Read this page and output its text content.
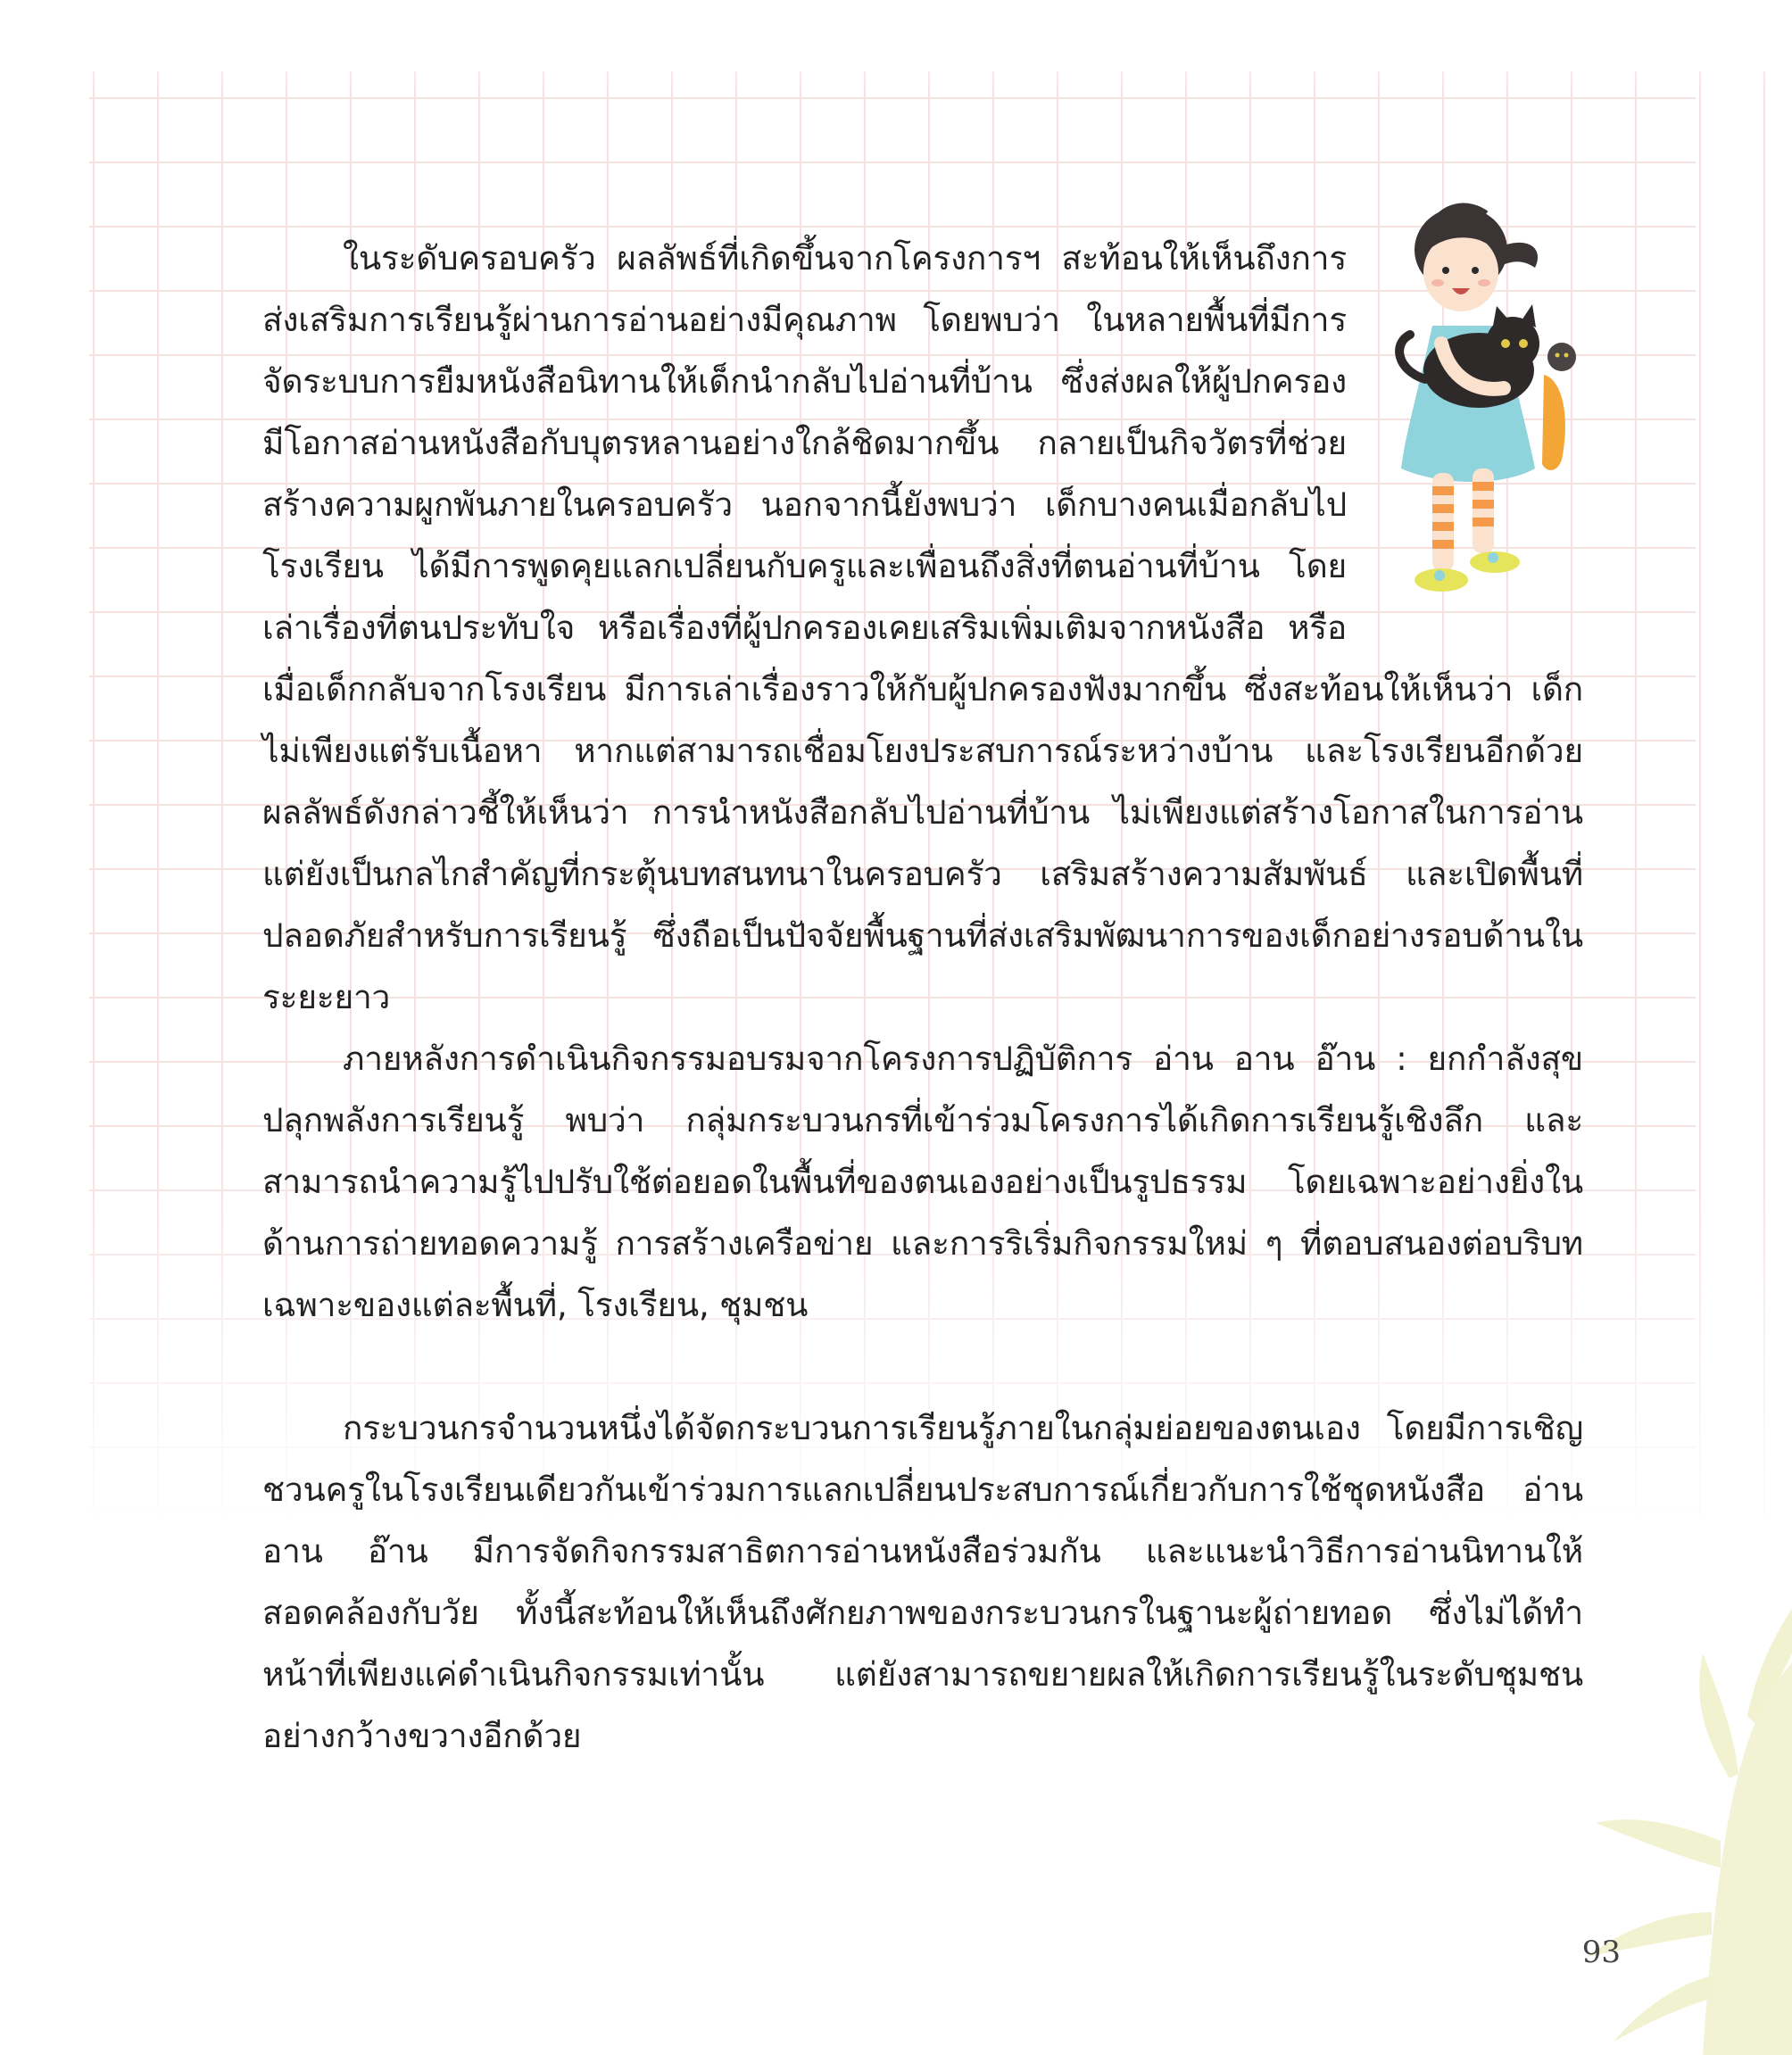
ในระดับครอบครัว ผลลัพธ์ที่เกิดขึ้นจากโครงการฯ สะท้อนให้เห็นถึงการส่งเสริมการเรียนรู้ผ่านการอ่านอย่างมีคุณภาพ โดยพบว่า ในหลายพื้นที่มีการจัดระบบการยืมหนังสือนิทานให้เด็กนำกลับไปอ่านที่บ้าน ซึ่งส่งผลให้ผู้ปกครองมีโอกาสอ่านหนังสือกับบุตรหลานอย่างใกล้ชิดมากขึ้น กลายเป็นกิจวัตรที่ช่วยสร้างความผูกพันภายในครอบครัว นอกจากนี้ยังพบว่า เด็กบางคนเมื่อกลับไปโรงเรียน ได้มีการพูดคุยแลกเปลี่ยนกับครูและเพื่อนถึงสิ่งที่ตนอ่านที่บ้าน โดยเล่าเรื่องที่ตนประทับใจ หรือเรื่องที่ผู้ปกครองเคยเสริมเพิ่มเติมจากหนังสือ หรือเมื่อเด็กกลับจากโรงเรียน มีการเล่าเรื่องราวให้กับผู้ปกครองฟังมากขึ้น ซึ่งสะท้อนให้เห็นว่า เด็กไม่เพียงแต่รับเนื้อหา หากแต่สามารถเชื่อมโยงประสบการณ์ระหว่างบ้าน และโรงเรียนอีกด้วย ผลลัพธ์ดังกล่าวชี้ให้เห็นว่า การนำหนังสือกลับไปอ่านที่บ้าน ไม่เพียงแต่สร้างโอกาสในการอ่าน แต่ยังเป็นกลไกสำคัญที่กระตุ้นบทสนทนาในครอบครัว เสริมสร้างความสัมพันธ์ และเปิดพื้นที่ปลอดภัยสำหรับการเรียนรู้ ซึ่งถือเป็นปัจจัยพื้นฐานที่ส่งเสริมพัฒนาการของเด็กอย่างรอบด้านในระยะยาว

ภายหลังการดำเนินกิจกรรมอบรมจากโครงการปฏิบัติการ อ่าน อาน อ๊าน : ยกกำลังสุข ปลุกพลังการเรียนรู้ พบว่า กลุ่มกระบวนกรที่เข้าร่วมโครงการได้เกิดการเรียนรู้เชิงลึก และสามารถนำความรู้ไปปรับใช้ต่อยอดในพื้นที่ของตนเองอย่างเป็นรูปธรรม โดยเฉพาะอย่างยิ่งในด้านการถ่ายทอดความรู้ การสร้างเครือข่าย และการริเริ่มกิจกรรมใหม่ ๆ ที่ตอบสนองต่อบริบทเฉพาะของแต่ละพื้นที่, โรงเรียน, ชุมชน

กระบวนกรจำนวนหนึ่งได้จัดกระบวนการเรียนรู้ภายในกลุ่มย่อยของตนเอง โดยมีการเชิญชวนครูในโรงเรียนเดียวกันเข้าร่วมการแลกเปลี่ยนประสบการณ์เกี่ยวกับการใช้ชุดหนังสือ อ่าน อาน อ๊าน มีการจัดกิจกรรมสาธิตการอ่านหนังสือร่วมกัน และแนะนำวิธีการอ่านนิทานให้สอดคล้องกับวัย ทั้งนี้สะท้อนให้เห็นถึงศักยภาพของกระบวนกรในฐานะผู้ถ่ายทอด ซึ่งไม่ได้ทำหน้าที่เพียงแค่ดำเนินกิจกรรมเท่านั้น แต่ยังสามารถขยายผลให้เกิดการเรียนรู้ในระดับชุมชนอย่างกว้างขวางอีกด้วย

93
